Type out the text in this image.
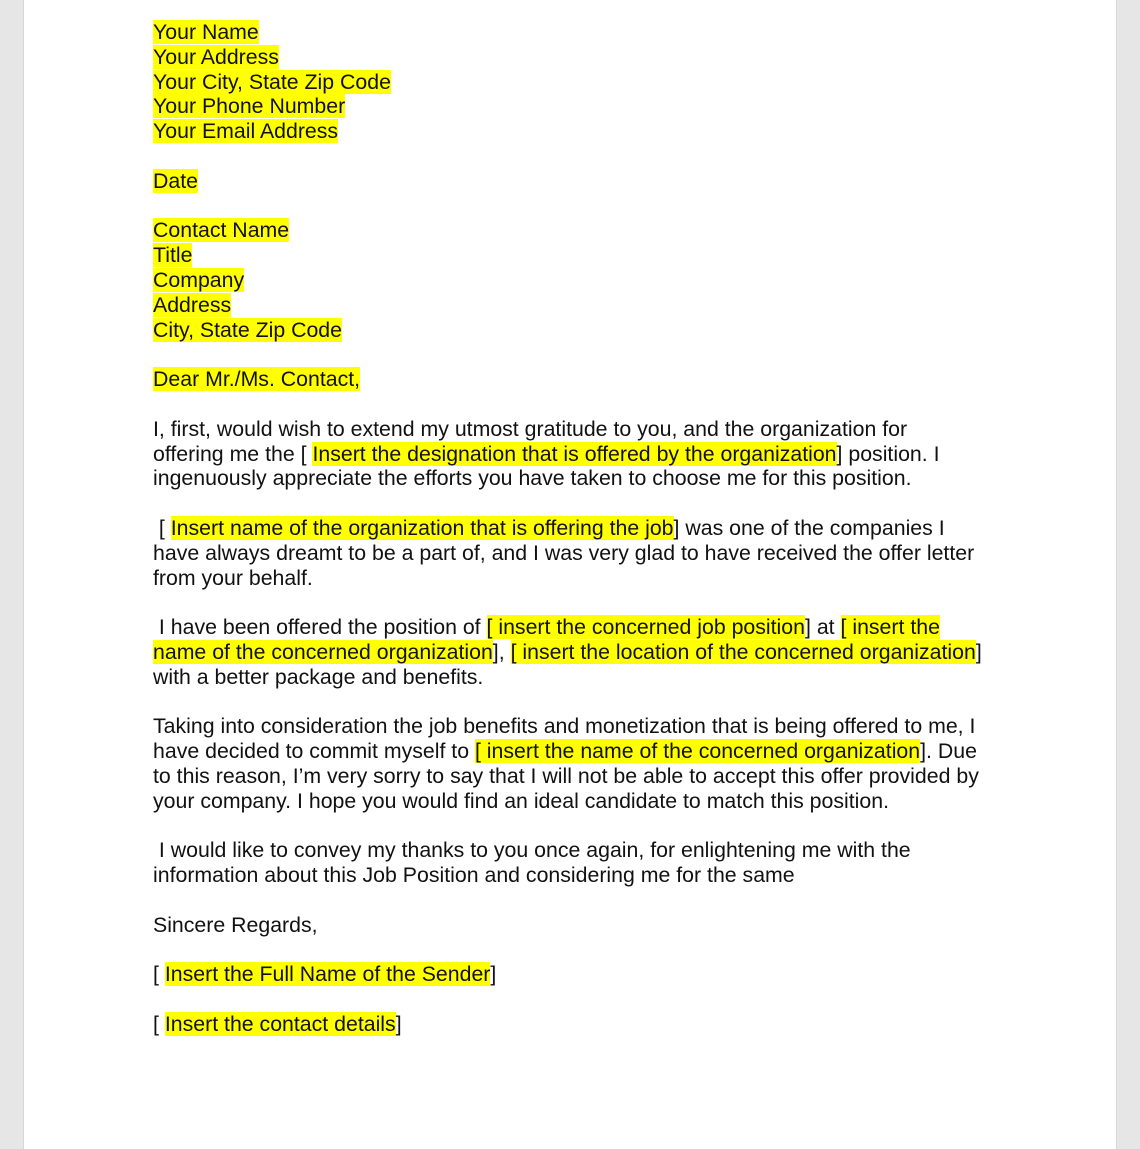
Your Name
Your Address
Your City, State Zip Code
Your Phone Number
Your Email Address
Date
Contact Name
Title
Company
Address
City, State Zip Code
Dear Mr./Ms. Contact,
I, first, would wish to extend my utmost gratitude to you, and the organization for
offering me the [ Insert the designation that is offered by the organization] position. I
ingenuously appreciate the efforts you have taken to choose me for this position.
[ Insert name of the organization that is offering the job] was one of the companies I
have always dreamt to be a part of, and I was very glad to have received the offer letter
from your behalf.
I have been offered the position of [ insert the concerned job position] at [ insert the
name of the concerned organization], [ insert the location of the concerned organization]
with a better package and benefits.
Taking into consideration the job benefits and monetization that is being offered to me, I
have decided to commit myself to [ insert the name of the concerned organization]. Due
to this reason, I’m very sorry to say that I will not be able to accept this offer provided by
your company. I hope you would find an ideal candidate to match this position.
I would like to convey my thanks to you once again, for enlightening me with the
information about this Job Position and considering me for the same
Sincere Regards,
[ Insert the Full Name of the Sender]
[ Insert the contact details]
